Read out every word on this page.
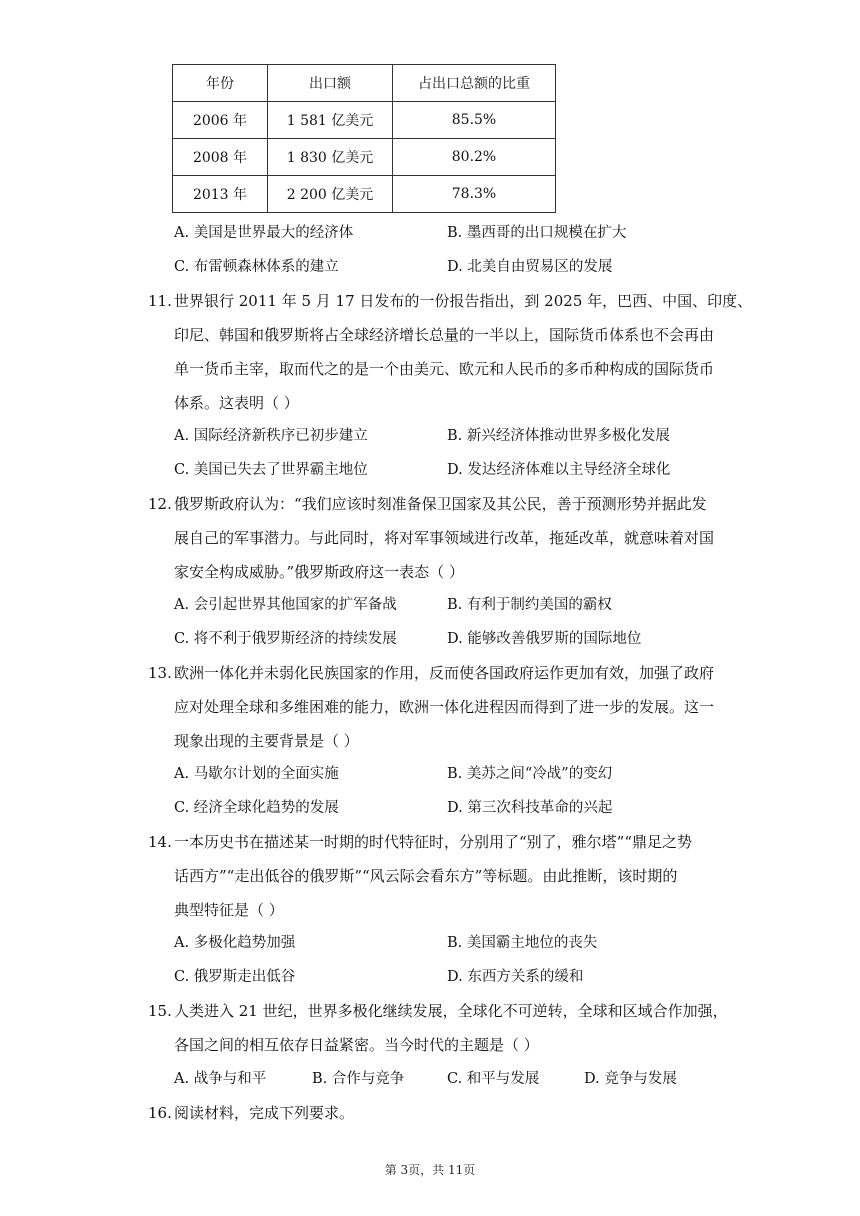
年份	出口额	占出口总额的比重
2006 年	1 581 亿美元	85.5%
2008 年	1 830 亿美元	80.2%
2013 年	2 200 亿美元	78.3%
A. 美国是世界最大的经济体	B. 墨西哥的出口规模在扩大
C. 布雷顿森林体系的建立	D. 北美自由贸易区的发展
11. 世界银行 2011 年 5 月 17 日发布的一份报告指出，到 2025 年，巴西、中国、印度、
印尼、韩国和俄罗斯将占全球经济增长总量的一半以上，国际货币体系也不会再由
单一货币主宰，取而代之的是一个由美元、欧元和人民币的多币种构成的国际货币
体系。这表明（ ）
A. 国际经济新秩序已初步建立	B. 新兴经济体推动世界多极化发展
C. 美国已失去了世界霸主地位	D. 发达经济体难以主导经济全球化
12. 俄罗斯政府认为：“我们应该时刻准备保卫国家及其公民，善于预测形势并据此发
展自己的军事潜力。与此同时，将对军事领域进行改革，拖延改革，就意味着对国
家安全构成威胁。”俄罗斯政府这一表态（ ）
A. 会引起世界其他国家的扩军备战	B. 有利于制约美国的霸权
C. 将不利于俄罗斯经济的持续发展	D. 能够改善俄罗斯的国际地位
13. 欧洲一体化并未弱化民族国家的作用，反而使各国政府运作更加有效，加强了政府
应对处理全球和多维困难的能力，欧洲一体化进程因而得到了进一步的发展。这一
现象出现的主要背景是（ ）
A. 马歇尔计划的全面实施	B. 美苏之间“冷战”的变幻
C. 经济全球化趋势的发展	D. 第三次科技革命的兴起
14. 一本历史书在描述某一时期的时代特征时，分别用了“别了，雅尔塔”“鼎足之势
话西方”“走出低谷的俄罗斯”“风云际会看东方”等标题。由此推断，该时期的
典型特征是（ ）
A. 多极化趋势加强	B. 美国霸主地位的丧失
C. 俄罗斯走出低谷	D. 东西方关系的缓和
15. 人类进入 21 世纪，世界多极化继续发展，全球化不可逆转，全球和区域合作加强，
各国之间的相互依存日益紧密。当今时代的主题是（ ）
A. 战争与和平	B. 合作与竞争	C. 和平与发展	D. 竞争与发展
16. 阅读材料，完成下列要求。
第 3页，共 11页
